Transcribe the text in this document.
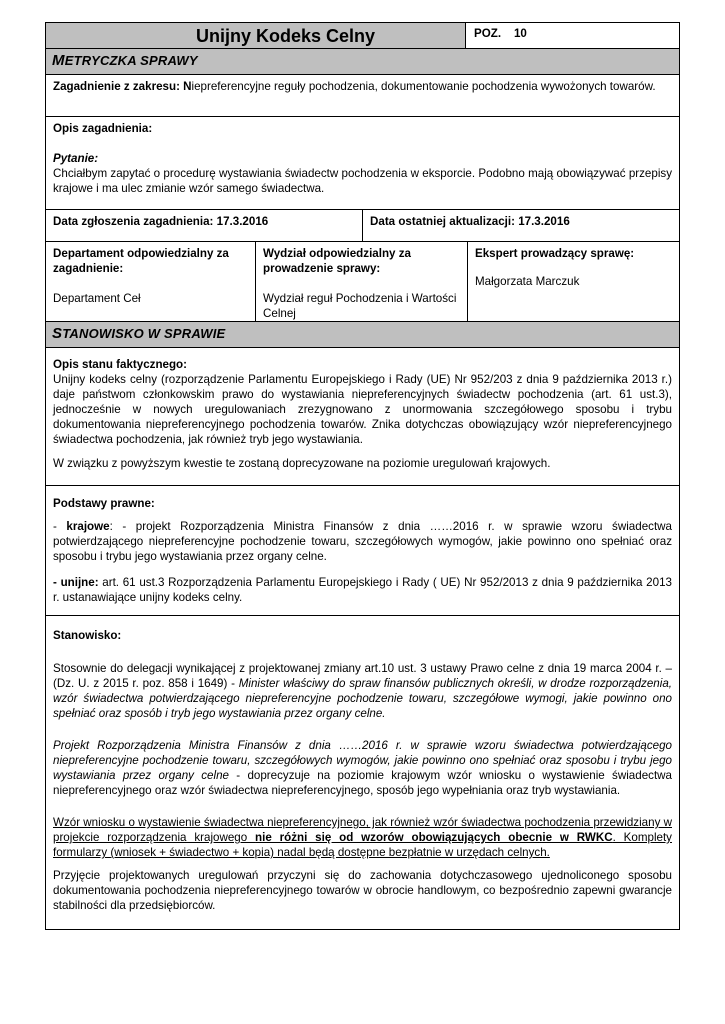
Unijny Kodeks Celny	POZ. 10
METRYCZKA SPRAWY
Zagadnienie z zakresu: Niepreferencyjne reguły pochodzenia, dokumentowanie pochodzenia wywożonych towarów.

Opis zagadnienia:

Pytanie:

Chciałbym zapytać o procedurę wystawiania świadectw pochodzenia w eksporcie. Podobno mają obowiązywać przepisy krajowe i ma ulec zmianie wzór samego świadectwa.

Data zgłoszenia zagadnienia: 17.3.2016	Data ostatniej aktualizacji: 17.3.2016

Departament odpowiedzialny za zagadnienie:

Departament Ceł

Wydział odpowiedzialny za prowadzenie sprawy:

Wydział reguł Pochodzenia i Wartości Celnej

Ekspert prowadzący sprawę:

Małgorzata Marczuk

STANOWISKO W SPRAWIE

Opis stanu faktycznego:

Unijny kodeks celny (rozporządzenie Parlamentu Europejskiego i Rady (UE) Nr 952/203 z dnia 9 października 2013 r.) daje państwom członkowskim prawo do wystawiania niepreferencyjnych świadectw pochodzenia (art. 61 ust.3), jednocześnie w nowych uregulowaniach zrezygnowano z unormowania szczegółowego sposobu i trybu dokumentowania niepreferencyjnego pochodzenia towarów. Znika dotychczas obowiązujący wzór niepreferencyjnego świadectwa pochodzenia, jak również tryb jego wystawiania.

W związku z powyższym kwestie te zostaną doprecyzowane na poziomie uregulowań krajowych.

Podstawy prawne:

- krajowe: - projekt Rozporządzenia Ministra Finansów z dnia ……2016 r. w sprawie wzoru świadectwa potwierdzającego niepreferencyjne pochodzenie towaru, szczegółowych wymogów, jakie powinno ono spełniać oraz sposobu i trybu jego wystawiania przez organy celne.

- unijne: art. 61 ust.3 Rozporządzenia Parlamentu Europejskiego i Rady ( UE) Nr 952/2013 z dnia 9 października 2013 r. ustanawiające unijny kodeks celny.

Stanowisko:

Stosownie do delegacji wynikającej z projektowanej zmiany art.10 ust. 3 ustawy Prawo celne z dnia 19 marca 2004 r. – (Dz. U. z 2015 r. poz. 858 i 1649) - Minister właściwy do spraw finansów publicznych określi, w drodze rozporządzenia, wzór świadectwa potwierdzającego niepreferencyjne pochodzenie towaru, szczegółowe wymogi, jakie powinno ono spełniać oraz sposób i tryb jego wystawiania przez organy celne.

Projekt Rozporządzenia Ministra Finansów z dnia ……2016 r. w sprawie wzoru świadectwa potwierdzającego niepreferencyjne pochodzenie towaru, szczegółowych wymogów, jakie powinno ono spełniać oraz sposobu i trybu jego wystawiania przez organy celne - doprecyzuje na poziomie krajowym wzór wniosku o wystawienie świadectwa niepreferencyjnego oraz wzór świadectwa niepreferencyjnego, sposób jego wypełniania oraz tryb wystawiania.

Wzór wniosku o wystawienie świadectwa niepreferencyjnego, jak również wzór świadectwa pochodzenia przewidziany w projekcie rozporządzenia krajowego nie różni się od wzorów obowiązujących obecnie w RWKC. Komplety formularzy (wniosek + świadectwo + kopia) nadal będą dostępne bezpłatnie w urzędach celnych.

Przyjęcie projektowanych uregulowań przyczyni się do zachowania dotychczasowego ujednoliconego sposobu dokumentowania pochodzenia niepreferencyjnego towarów w obrocie handlowym, co bezpośrednio zapewni gwarancje stabilności dla przedsiębiorców.
